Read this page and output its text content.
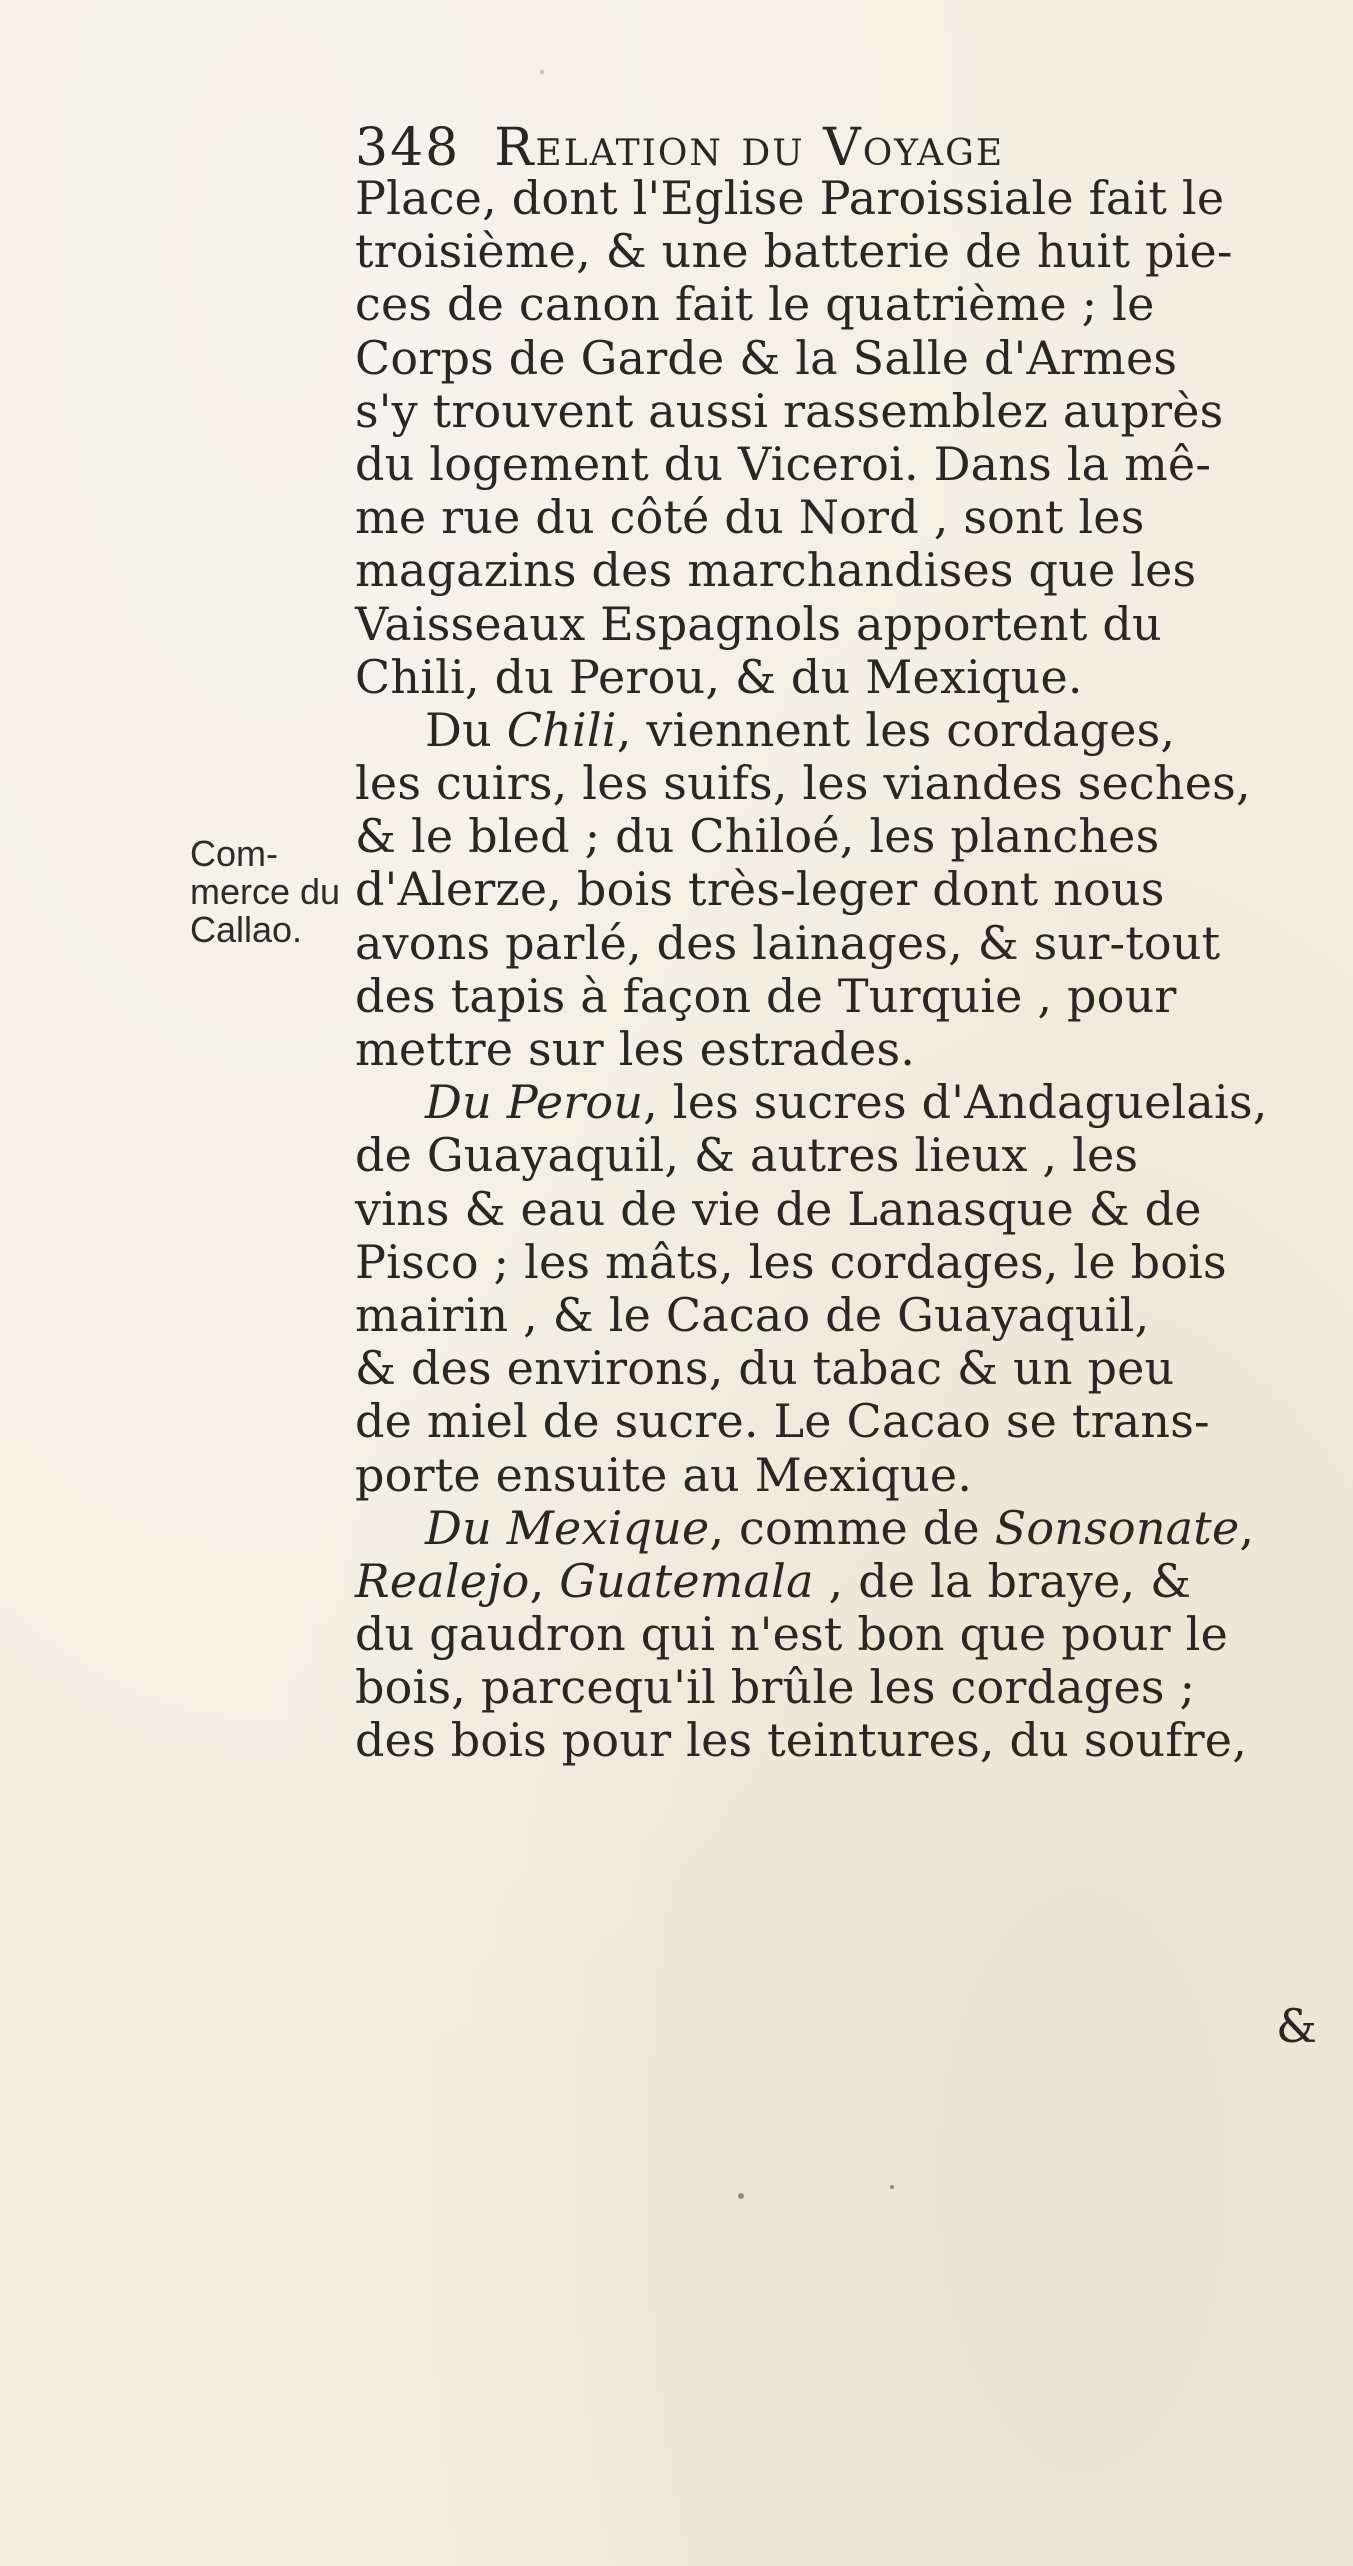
348 Relation du Voyage
Com-
merce du
Callao.
Place, dont l'Eglise Paroissiale fait le
troisième, & une batterie de huit pie-
ces de canon fait le quatrième ; le
Corps de Garde & la Salle d'Armes
s'y trouvent aussi rassemblez auprès
du logement du Viceroi. Dans la mê-
me rue du côté du Nord , sont les
magazins des marchandises que les
Vaisseaux Espagnols apportent du
Chili, du Perou, & du Mexique.
Du Chili, viennent les cordages,
les cuirs, les suifs, les viandes seches,
& le bled ; du Chiloé, les planches
d'Alerze, bois très-leger dont nous
avons parlé, des lainages, & sur-tout
des tapis à façon de Turquie , pour
mettre sur les estrades.
Du Perou, les sucres d'Andaguelais,
de Guayaquil, & autres lieux , les
vins & eau de vie de Lanasque & de
Pisco ; les mâts, les cordages, le bois
mairin , & le Cacao de Guayaquil,
& des environs, du tabac & un peu
de miel de sucre. Le Cacao se trans-
porte ensuite au Mexique.
Du Mexique, comme de Sonsonate,
Realejo, Guatemala , de la braye, &
du gaudron qui n'est bon que pour le
bois, parcequ'il brûle les cordages ;
des bois pour les teintures, du soufre,
&
